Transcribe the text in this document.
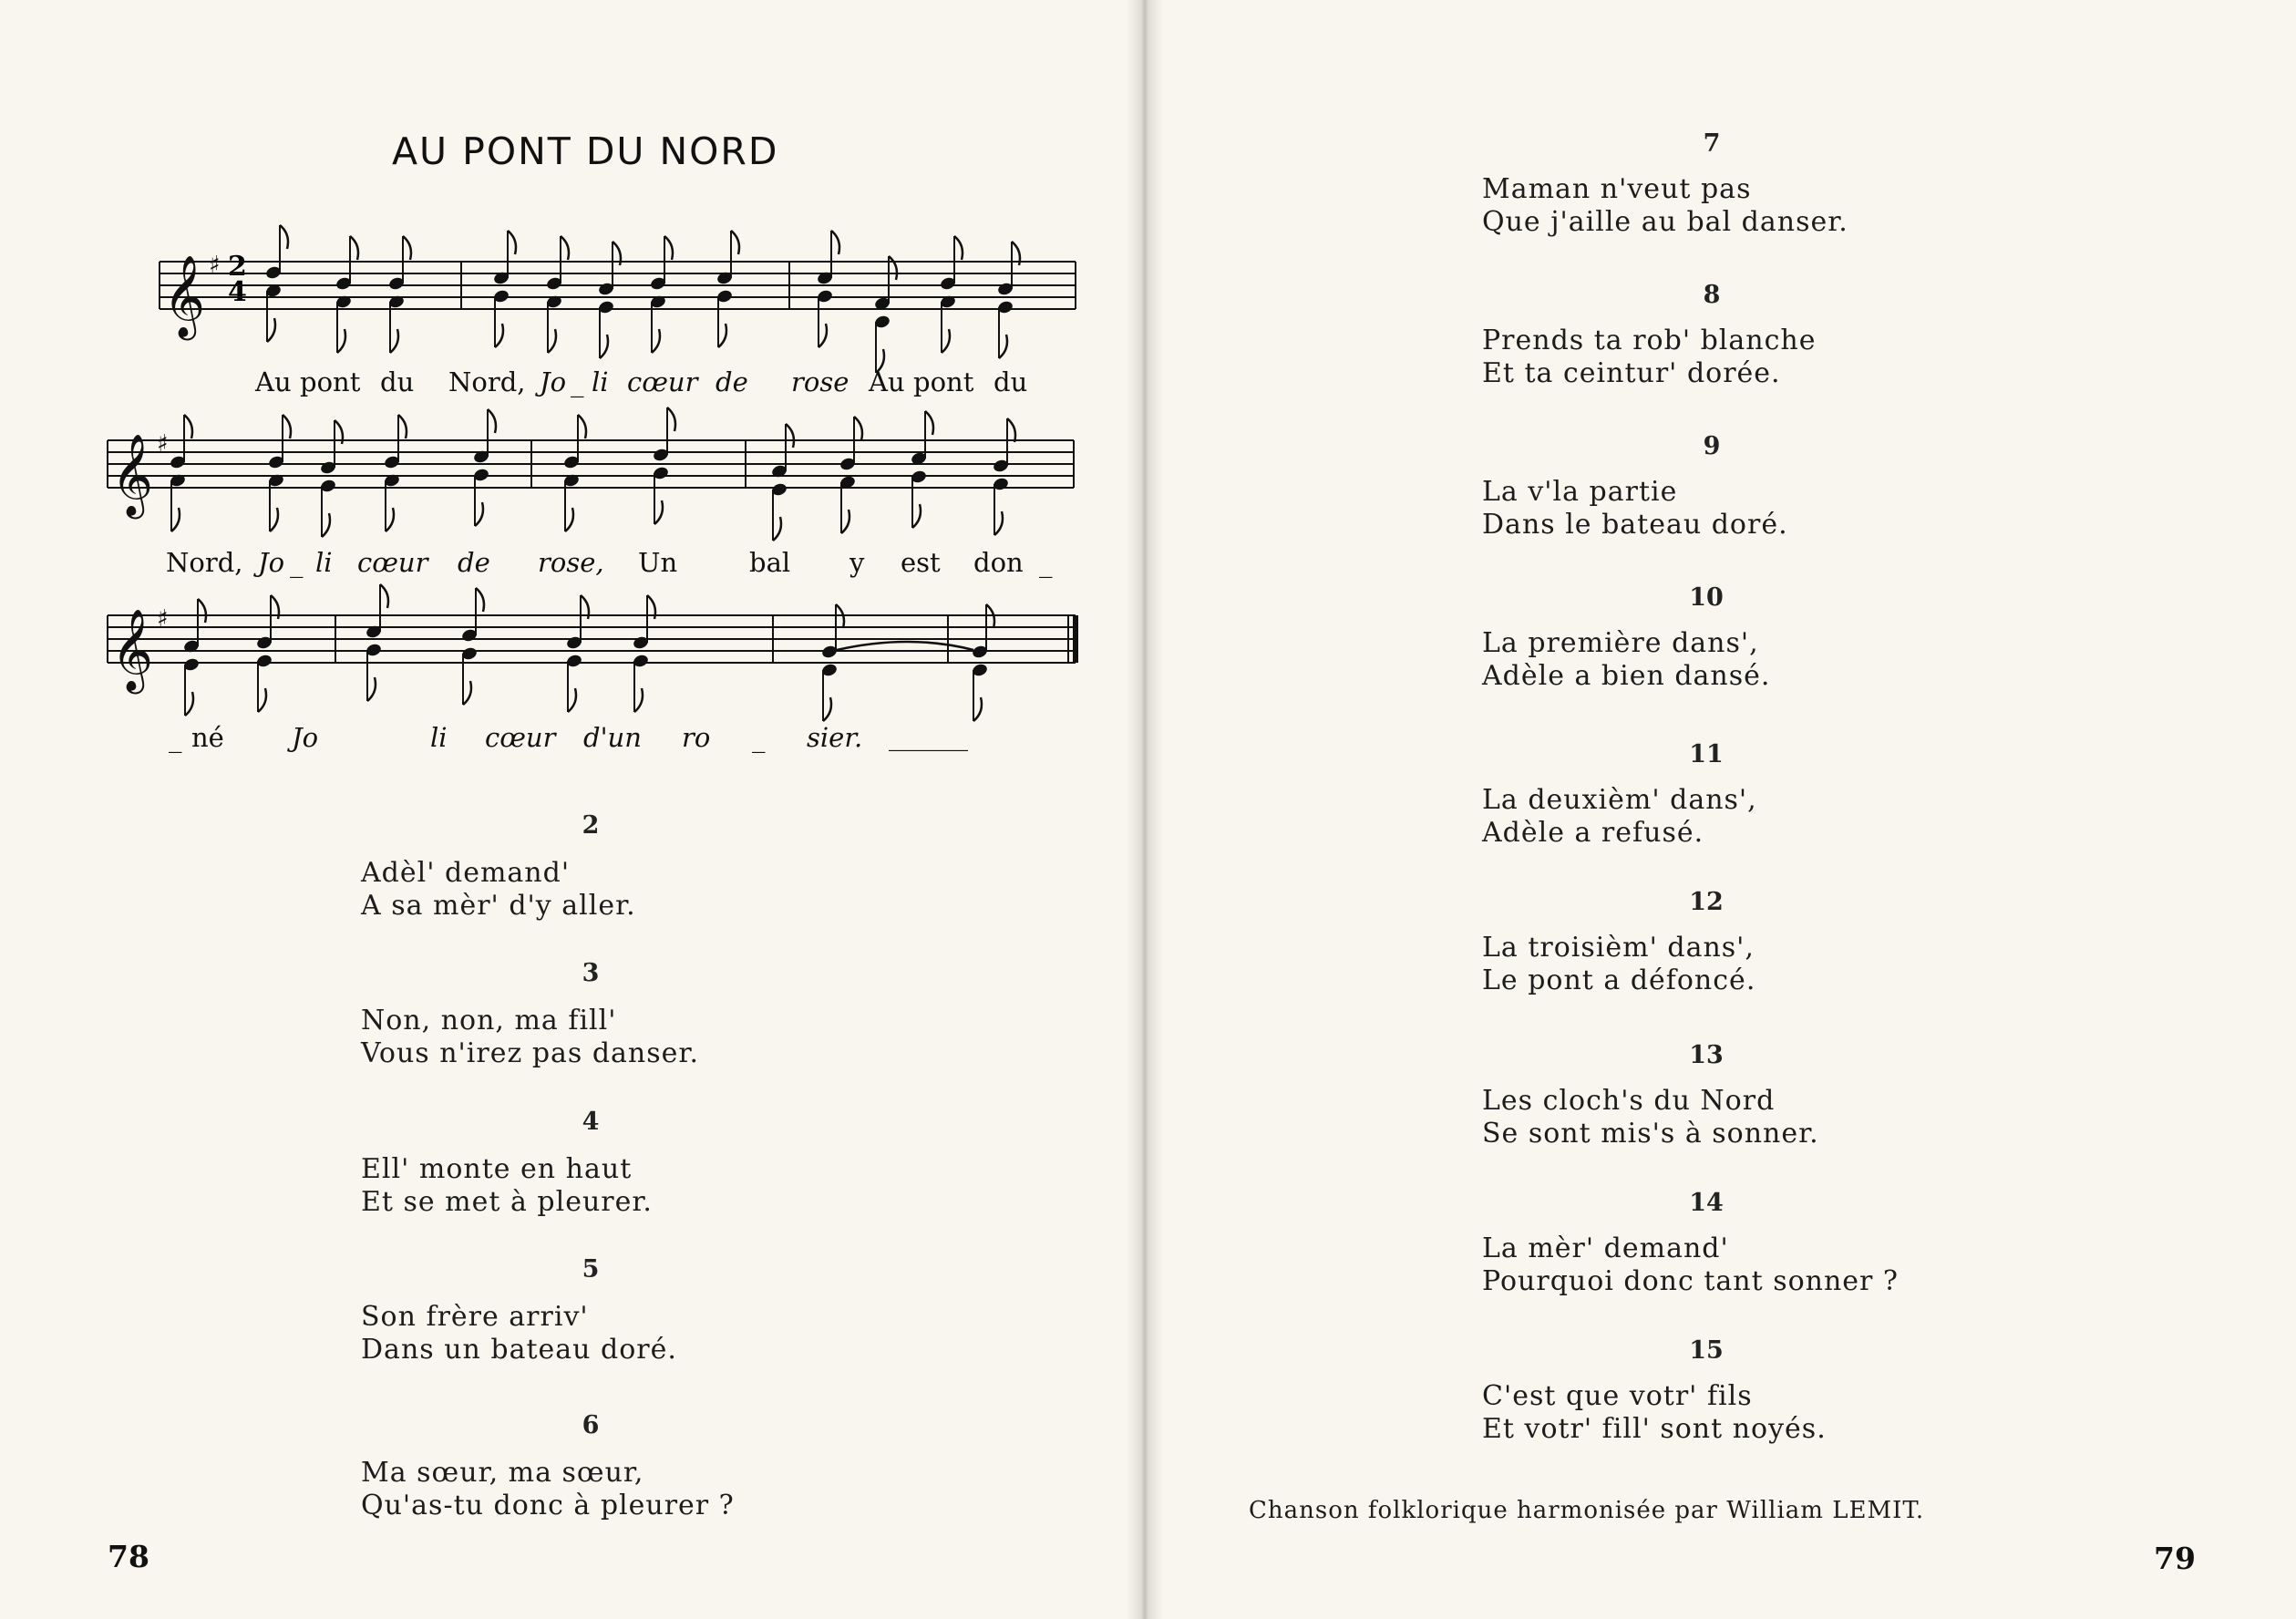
AU PONT DU NORD
2
4
𝄞 ♯
𝄞 ♯
𝄞 ♯
Au pont du Nord, Jo _ li cœur de rose Au pont du
Nord, Jo _ li cœur de rose, Un	bal y est don _
_ né	Jo	li cœur d'un ro _ sier. ______
2
Adèl' demand'
A sa mèr' d'y aller.
3
Non, non, ma fill'
Vous n'irez pas danser.
4
Ell' monte en haut
Et se met à pleurer.
5
Son frère arriv'
Dans un bateau doré.
6
Ma sœur, ma sœur,
Qu'as-tu donc à pleurer ?
7
Maman n'veut pas
Que j'aille au bal danser.
8
Prends ta rob' blanche
Et ta ceintur' dorée.
9
La v'la partie
Dans le bateau doré.
10
La première dans',
Adèle a bien dansé.
11
La deuxièm' dans',
Adèle a refusé.
12
La troisièm' dans',
Le pont a défoncé.
13
Les cloch's du Nord
Se sont mis's à sonner.
14
La mèr' demand'
Pourquoi donc tant sonner ?
15
C'est que votr' fils
Et votr' fill' sont noyés.
Chanson folklorique harmonisée par William LEMIT.
78	79
